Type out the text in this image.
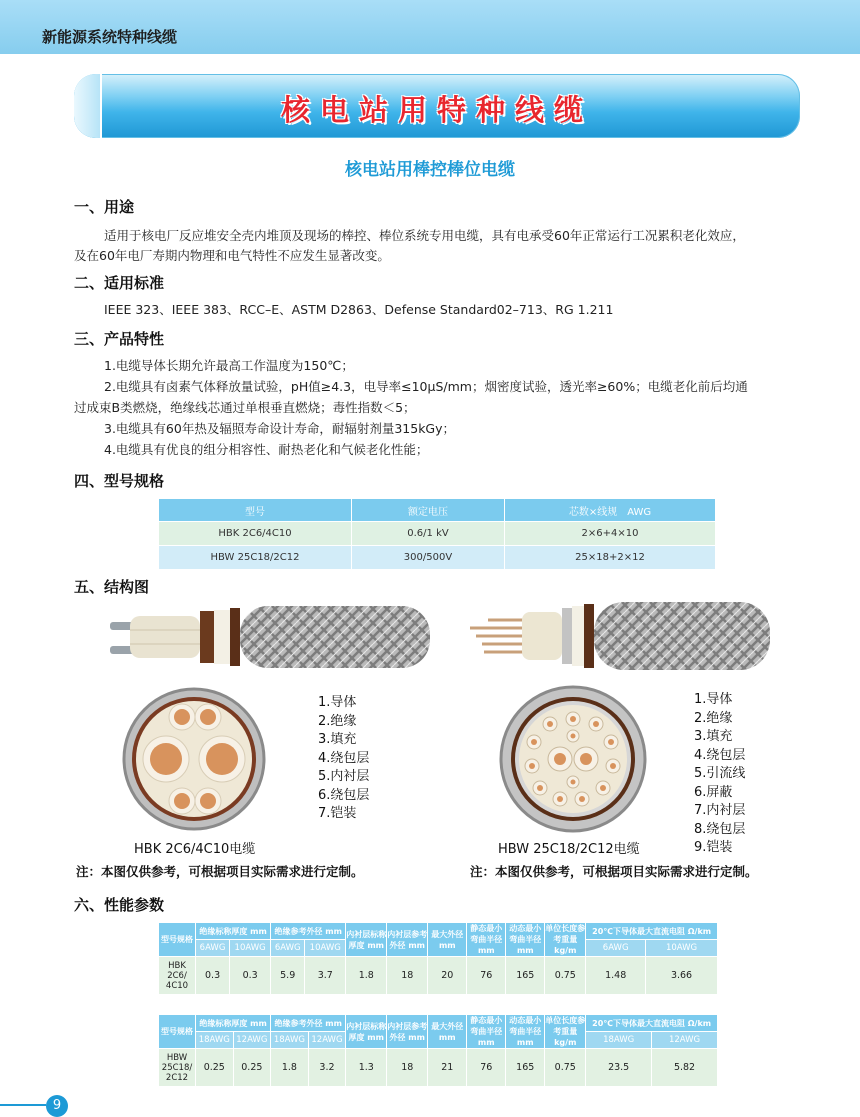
新能源系统特种线缆
核电站用特种线缆
核电站用棒控棒位电缆
一、用途
适用于核电厂反应堆安全壳内堆顶及现场的棒控、棒位系统专用电缆，具有电承受60年正常运行工况累积老化效应，
及在60年电厂寿期内物理和电气特性不应发生显著改变。
二、适用标准
IEEE 323、IEEE 383、RCC–E、ASTM D2863、Defense Standard02–713、RG 1.211
三、产品特性
1.电缆导体长期允许最高工作温度为150℃；
2.电缆具有卤素气体释放量试验，pH值≥4.3，电导率≤10μS/mm；烟密度试验，透光率≥60%；电缆老化前后均通
过成束B类燃烧，绝缘线芯通过单根垂直燃烧；毒性指数＜5；
3.电缆具有60年热及辐照寿命设计寿命，耐辐射剂量315kGy；
4.电缆具有优良的组分相容性、耐热老化和气候老化性能；
四、型号规格
型号	额定电压	芯数×线规　AWG
HBK 2C6/4C10	0.6/1 kV	2×6+4×10
HBW 25C18/2C12	300/500V	25×18+2×12
五、结构图
1.导体
2.绝缘
3.填充
4.绕包层
5.内衬层
6.绕包层
7.铠装
HBK 2C6/4C10电缆
注：本图仅供参考，可根据项目实际需求进行定制。
1.导体
2.绝缘
3.填充
4.绕包层
5.引流线
6.屏蔽
7.内衬层
8.绕包层
9.铠装
HBW 25C18/2C12电缆
注：本图仅供参考，可根据项目实际需求进行定制。
六、性能参数
型号规格	绝缘标称厚度 mm		绝缘参考外径 mm		内衬层标称厚度 mm	内衬层参考外径 mm	最大外径 mm	静态最小弯曲半径 mm	动态最小弯曲半径 mm	单位长度参考重量 kg/m	20℃下导体最大直流电阻 Ω/km	
	6AWG	10AWG	6AWG	10AWG							6AWG	10AWG
HBK 2C6/ 4C10	0.3	0.3	5.9	3.7	1.8	18	20	76	165	0.75	1.48	3.66
型号规格	绝缘标称厚度 mm		绝缘参考外径 mm		内衬层标称厚度 mm	内衬层参考外径 mm	最大外径 mm	静态最小弯曲半径 mm	动态最小弯曲半径 mm	单位长度参考重量 kg/m	20℃下导体最大直流电阻 Ω/km	
	18AWG	12AWG	18AWG	12AWG							18AWG	12AWG
HBW 25C18/ 2C12	0.25	0.25	1.8	3.2	1.3	18	21	76	165	0.75	23.5	5.82
9
